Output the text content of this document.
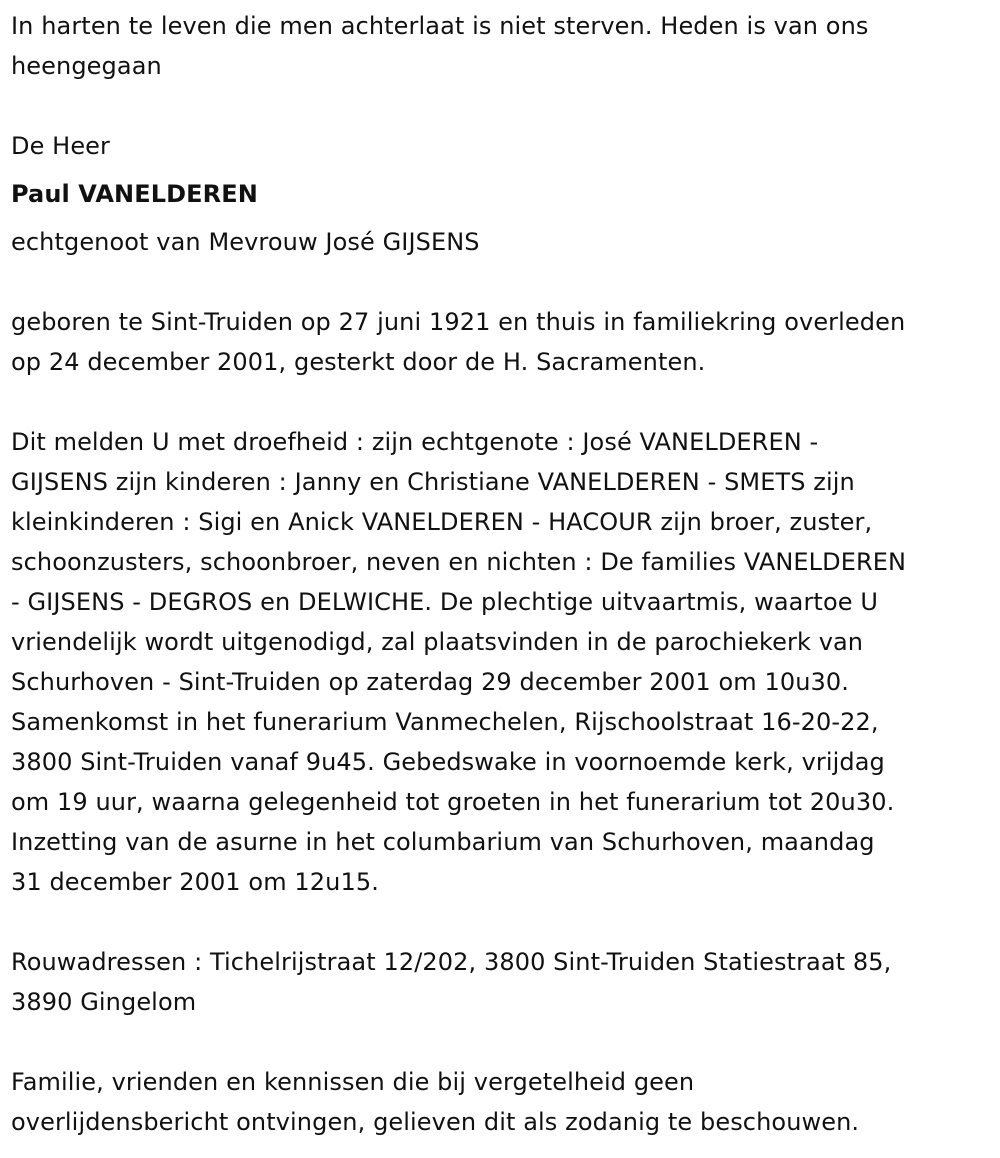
In harten te leven die men achterlaat is niet sterven. Heden is van ons
heengegaan

De Heer

Paul VANELDEREN

echtgenoot van Mevrouw José GIJSENS

geboren te Sint-Truiden op 27 juni 1921 en thuis in familiekring overleden
op 24 december 2001, gesterkt door de H. Sacramenten.

Dit melden U met droefheid : zijn echtgenote : José VANELDEREN -
GIJSENS zijn kinderen : Janny en Christiane VANELDEREN - SMETS zijn
kleinkinderen : Sigi en Anick VANELDEREN - HACOUR zijn broer, zuster,
schoonzusters, schoonbroer, neven en nichten : De families VANELDEREN
- GIJSENS - DEGROS en DELWICHE. De plechtige uitvaartmis, waartoe U
vriendelijk wordt uitgenodigd, zal plaatsvinden in de parochiekerk van
Schurhoven - Sint-Truiden op zaterdag 29 december 2001 om 10u30.
Samenkomst in het funerarium Vanmechelen, Rijschoolstraat 16-20-22,
3800 Sint-Truiden vanaf 9u45. Gebedswake in voornoemde kerk, vrijdag
om 19 uur, waarna gelegenheid tot groeten in het funerarium tot 20u30.
Inzetting van de asurne in het columbarium van Schurhoven, maandag
31 december 2001 om 12u15.

Rouwadressen : Tichelrijstraat 12/202, 3800 Sint-Truiden Statiestraat 85,
3890 Gingelom

Familie, vrienden en kennissen die bij vergetelheid geen
overlijdensbericht ontvingen, gelieven dit als zodanig te beschouwen.
